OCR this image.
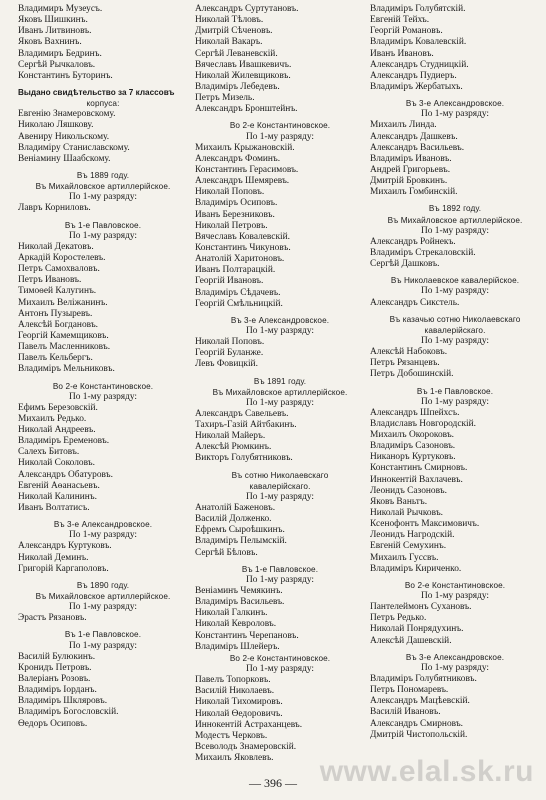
Владимиръ Музеусъ.
Яковъ Шишкинъ.
Иванъ Литвиновъ.
Яковъ Вахнинъ.
Владимиръ Бедринъ.
Сергѣй Рычкаловъ.
Константинъ Буторинъ.
Выдано свидѣтельство за 7 классовъ
корпуса:
Евгенію Знамеровскому.
Николаю Ляшкову.
Авениру Никольскому.
Владиміру Станиславскому.
Веніамину Шаабскому.
Въ 1889 году.
Въ Михайловское артиллерійское.
По 1-му разряду:
Лавръ Корниловъ.
Въ 1-е Павловское.
По 1-му разряду:
Николай Декатовъ.
Аркадій Коростелевъ.
Петръ Самохваловъ.
Петръ Ивановъ.
Тимоѳей Калугинъ.
Михаилъ Веліжанинъ.
Антонъ Пузыревъ.
Алексѣй Богдановъ.
Георгій Камемщиковъ.
Павелъ Масленниковъ.
Павелъ Кельбергъ.
Владиміръ Мельниковъ.
Во 2-е Константиновское.
По 1-му разряду:
Ефимъ Березовскій.
Михаилъ Редько.
Николай Андреевъ.
Владиміръ Еременовъ.
Салехъ Битовъ.
Николай Соколовъ.
Александръ Обатуровъ.
Евгеній Аѳанасьевъ.
Николай Калининъ.
Иванъ Волтатисъ.
Въ 3-е Александровское.
По 1-му разряду:
Александръ Куртуковъ.
Николай Деминъ.
Григорій Каргаполовъ.
Въ 1890 году.
Въ Михайловское артиллерійское.
По 1-му разряду:
Эрастъ Рязановъ.
Въ 1-е Павловское.
По 1-му разряду:
Василій Булюкинъ.
Кронидъ Петровъ.
Валеріанъ Розовъ.
Владиміръ Іорданъ.
Владиміръ Шкляровъ.
Владиміръ Богословскій.
Ѳедоръ Осиповъ.
Александръ Суртутановъ.
Николай Тѣловъ.
Дмитрій Сѣченовъ.
Николай Вакаръ.
Сергѣй Леваневскій.
Вячеславъ Ивашкевичъ.
Николай Жилевщиковъ.
Владиміръ Лебедевъ.
Петръ Мизель.
Александръ Бронштейнъ.
Во 2-е Константиновское.
По 1-му разряду:
Михаилъ Крыжановскій.
Александръ Фоминъ.
Константинъ Герасимовъ.
Александръ Шемяревъ.
Николай Поповъ.
Владиміръ Осиповъ.
Иванъ Березниковъ.
Николай Петровъ.
Вячеславъ Ковалевскій.
Константинъ Чикуновъ.
Анатолій Харитоновъ.
Иванъ Полтарацкій.
Георгій Ивановъ.
Владиміръ Сѣдачевъ.
Георгій Смѣльницкій.
Въ 3-е Александровское.
По 1-му разряду:
Николай Поповъ.
Георгій Буланже.
Левъ Фовицкій.
Въ 1891 году.
Въ Михайловское артиллерійское.
По 1-му разряду:
Александръ Савельевъ.
Тахиръ-Газій Айтбакинъ.
Николай Майеръ.
Алексѣй Рюмкинъ.
Викторъ Голубятниковъ.
Въ сотню Николаевскаго
кавалерійскаго.
По 1-му разряду:
Анатолій Баженовъ.
Василій Долженко.
Ефремъ Сыроѣшкинъ.
Владиміръ Пелымскій.
Сергѣй Бѣловъ.
Въ 1-е Павловское.
По 1-му разряду:
Веніаминъ Чемякинъ.
Владиміръ Васильевъ.
Николай Галкинъ.
Николай Кевроловъ.
Константинъ Черепановъ.
Владиміръ Шлейеръ.
Во 2-е Константиновское.
По 1-му разряду:
Павелъ Топорковъ.
Василій Николаевъ.
Николай Тихомировъ.
Николай Ѳедоровичъ.
Иннокентій Астраханцевъ.
Модестъ Черковъ.
Всеволодъ Знамеровскій.
Михаилъ Яковлевъ.
Владиміръ Голубятскій.
Евгеній Тейхъ.
Георгій Романовъ.
Владиміръ Ковалевскій.
Иванъ Ивановъ.
Александръ Студницкій.
Александръ Пудиеръ.
Владиміръ Жербатыхъ.
Въ 3-е Александровское.
По 1-му разряду:
Михаилъ Линда.
Александръ Дашкевъ.
Александръ Васильевъ.
Владиміръ Ивановъ.
Андрей Григорьевъ.
Дмитрій Бровкинъ.
Михаилъ Гомбинскій.
Въ 1892 году.
Въ Михайловское артиллерійское.
По 1-му разряду:
Александръ Ройнекъ.
Владиміръ Стрекаловскій.
Сергѣй Дашковъ.
Въ Николаевское кавалерійское.
По 1-му разряду:
Александръ Сикстель.
Въ казачью сотню Николаевскаго
кавалерійскаго.
По 1-му разряду:
Алексѣй Набоковъ.
Петръ Рязанцевъ.
Петръ Добошинскій.
Въ 1-е Павловское.
По 1-му разряду:
Александръ Шпейхсъ.
Владиславъ Новгородскій.
Михаилъ Окороковъ.
Владиміръ Сазоновъ.
Никаноръ Куртуковъ.
Константинъ Смирновъ.
Иннокентій Вахлачевъ.
Леонидъ Сазоновъ.
Яковъ Ваньтъ.
Николай Рычковъ.
Ксенофонтъ Максимовичъ.
Леонидъ Нагродскій.
Евгеній Семухинъ.
Михаилъ Гуссвъ.
Владиміръ Кириченко.
Во 2-е Константиновское.
По 1-му разряду:
Пантелеймонъ Сухановъ.
Петръ Редько.
Николай Понрядухинъ.
Алексѣй Дашевскій.
Въ 3-е Александровское.
По 1-му разряду:
Владиміръ Голубятниковъ.
Петръ Пономаревъ.
Александръ Мацѣевскій.
Василій Ивановъ.
Александръ Смирновъ.
Дмитрій Чистопольскій.
— 396 — www.elal.sk.ru
